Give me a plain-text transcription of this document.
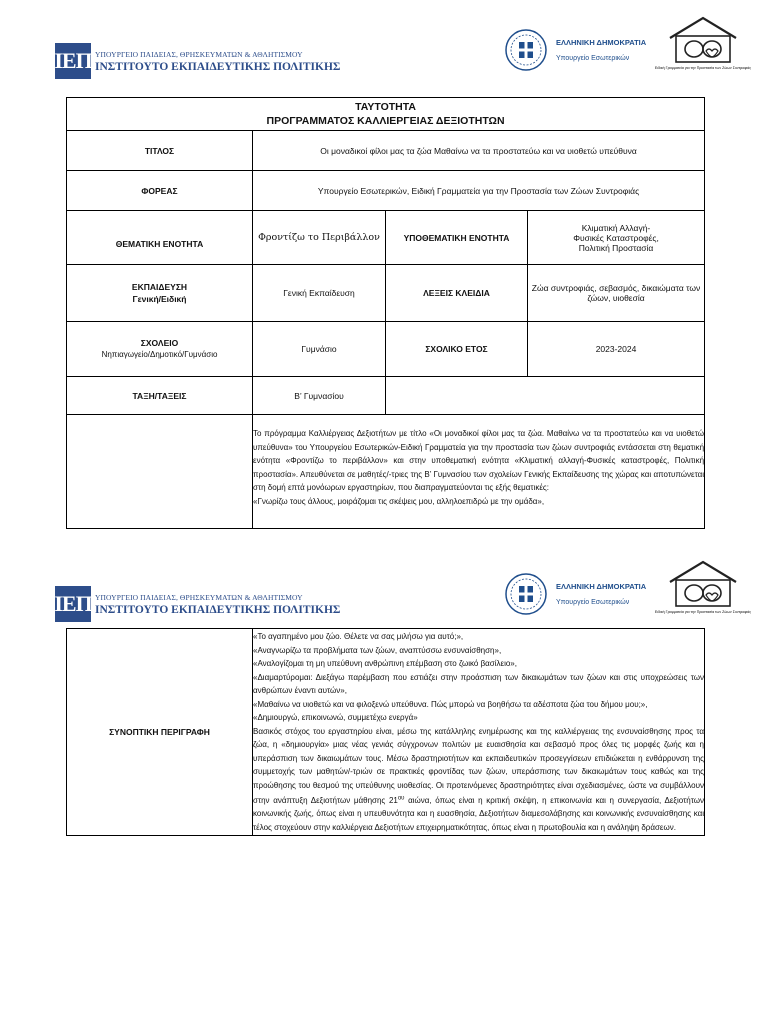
ΙΕΠ ΥΠΟΥΡΓΕΙΟ ΠΑΙΔΕΙΑΣ, ΘΡΗΣΚΕΥΜΑΤΩΝ & ΑΘΛΗΤΙΣΜΟΥ
ΙΝΣΤΙΤΟΥΤΟ ΕΚΠΑΙΔΕΥΤΙΚΗΣ ΠΟΛΙΤΙΚΗΣ
ΕΛΛΗΝΙΚΗ ΔΗΜΟΚΡΑΤΙΑ
Υπουργείο Εσωτερικών
Ειδική Γραμματεία για την Προστασία των Ζώων Συντροφιάς
ΤΑΥΤΟΤΗΤΑ
ΠΡΟΓΡΑΜΜΑΤΟΣ ΚΑΛΛΙΕΡΓΕΙΑΣ ΔΕΞΙΟΤΗΤΩΝ			

ΤΙΤΛΟΣ	Οι μοναδικοί φίλοι μας τα ζώα Μαθαίνω να τα προστατεύω και να υιοθετώ υπεύθυνα		
ΦΟΡΕΑΣ	Υπουργείο Εσωτερικών, Ειδική Γραμματεία για την Προστασία των Ζώων Συντροφιάς		
ΘΕΜΑΤΙΚΗ ΕΝΟΤΗΤΑ	Φροντίζω το Περιβάλλον	ΥΠΟΘΕΜΑΤΙΚΗ ΕΝΟΤΗΤΑ	Κλιματική Αλλαγή-
Φυσικές Καταστροφές,
Πολιτική Προστασία

ΕΚΠΑΙΔΕΥΣΗ
Γενική/Ειδική	Γενική Εκπαίδευση	ΛΕΞΕΙΣ ΚΛΕΙΔΙΑ	Ζώα συντροφιάς, σεβασμός, δικαιώματα των ζώων, υιοθεσία

ΣΧΟΛΕΙΟ
Νηπιαγωγείο/Δημοτικό/Γυμνάσιο	Γυμνάσιο	ΣΧΟΛΙΚΟ ΕΤΟΣ	2023-2024
ΤΑΞΗ/ΤΑΞΕΙΣ	Β’ Γυμνασίου		
	Το πρόγραμμα Καλλιέργειας Δεξιοτήτων με τίτλο «Οι μοναδικοί φίλοι μας τα ζώα. Μαθαίνω να τα προστατεύω και να υιοθετώ υπεύθυνα» του Υπουργείου Εσωτερικών-Ειδική Γραμματεία για την προστασία των ζώων συντροφιάς εντάσσεται στη θεματική ενότητα «Φροντίζω το περιβάλλον» και στην υποθεματική ενότητα «Κλιματική αλλαγή-Φυσικές καταστροφές, Πολιτική προστασία». Απευθύνεται σε μαθητές/-τριες της Β’ Γυμνασίου των σχολείων Γενικής Εκπαίδευσης της χώρας και αποτυπώνεται στη δομή επτά μονόωρων εργαστηρίων, που διαπραγματεύονται τις εξής θεματικές:
«Γνωρίζω τους άλλους, μοιράζομαι τις σκέψεις μου, αλληλοεπιδρώ με την ομάδα»,		
ΙΕΠ ΥΠΟΥΡΓΕΙΟ ΠΑΙΔΕΙΑΣ, ΘΡΗΣΚΕΥΜΑΤΩΝ & ΑΘΛΗΤΙΣΜΟΥ
ΙΝΣΤΙΤΟΥΤΟ ΕΚΠΑΙΔΕΥΤΙΚΗΣ ΠΟΛΙΤΙΚΗΣ
ΕΛΛΗΝΙΚΗ ΔΗΜΟΚΡΑΤΙΑ
Υπουργείο Εσωτερικών
Ειδική Γραμματεία για την Προστασία των Ζώων Συντροφιάς
ΣΥΝΟΠΤΙΚΗ ΠΕΡΙΓΡΑΦΗ	
«Το αγαπημένο μου ζώο. Θέλετε να σας μιλήσω για αυτό;»,
«Αναγνωρίζω τα προβλήματα των ζώων, αναπτύσσω ενσυναίσθηση»,
«Αναλογίζομαι τη μη υπεύθυνη ανθρώπινη επέμβαση στο ζωικό βασίλειο»,
«Διαμαρτύρομαι: Διεξάγω παρέμβαση που εστιάζει στην προάσπιση των δικαιωμάτων των ζώων και στις υποχρεώσεις των ανθρώπων έναντι αυτών»,
«Μαθαίνω να υιοθετώ και να φιλοξενώ υπεύθυνα. Πώς μπορώ να βοηθήσω τα αδέσποτα ζώα του δήμου μου;»,
«Δημιουργώ, επικοινωνώ, συμμετέχω ενεργά»
Βασικός στόχος του εργαστηρίου είναι, μέσω της κατάλληλης ενημέρωσης και της καλλιέργειας της ενσυναίσθησης προς τα ζώα, η «δημιουργία» μιας νέας γενιάς σύγχρονων πολιτών με ευαισθησία και σεβασμό προς όλες τις μορφές ζωής και η υπεράσπιση των δικαιωμάτων τους. Μέσω δραστηριοτήτων και εκπαιδευτικών προσεγγίσεων επιδιώκεται η ενθάρρυνση της συμμετοχής των μαθητών/-τριών σε πρακτικές φροντίδας των ζώων, υπεράσπισης των δικαιωμάτων τους καθώς και της προώθησης του θεσμού της υπεύθυνης υιοθεσίας. Οι προτεινόμενες δραστηριότητες είναι σχεδιασμένες, ώστε να συμβάλλουν στην ανάπτυξη Δεξιοτήτων μάθησης $21^{o\upsilon}$ αιώνα, όπως είναι η κριτική σκέψη, η επικοινωνία και η συνεργασία, Δεξιοτήτων κοινωνικής ζωής, όπως είναι η υπευθυνότητα και η ευασθησία, Δεξιοτήτων διαμεσολάβησης και κοινωνικής ενσυναίσθησης και τέλος στοχεύουν στην καλλιέργεια Δεξιοτήτων επιχειρηματικότητας, όπως είναι η πρωτοβουλία και η ανάληψη δράσεων.
